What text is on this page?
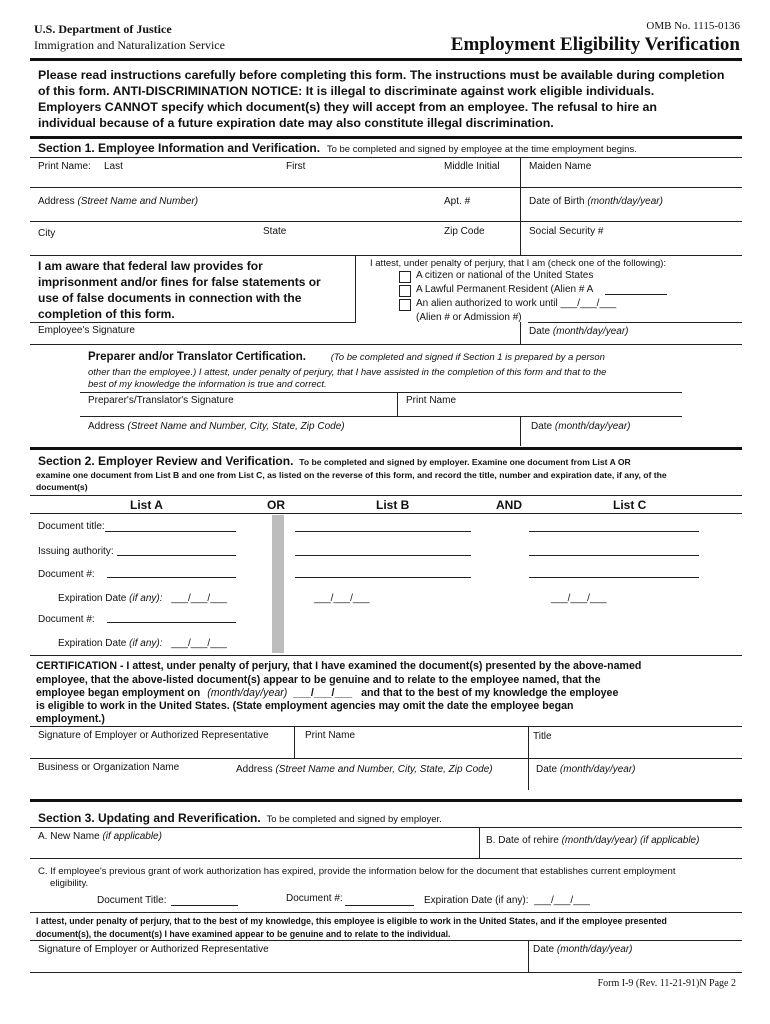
U.S. Department of Justice
Immigration and Naturalization Service
OMB No. 1115-0136
Employment Eligibility Verification
Please read instructions carefully before completing this form. The instructions must be available during completion
of this form. ANTI-DISCRIMINATION NOTICE: It is illegal to discriminate against work eligible individuals.
Employers CANNOT specify which document(s) they will accept from an employee. The refusal to hire an
individual because of a future expiration date may also constitute illegal discrimination.
Section 1. Employee Information and Verification. To be completed and signed by employee at the time employment begins.
Print Name: Last	First	Middle Initial	Maiden Name
Address (Street Name and Number)	Apt. #	Date of Birth (month/day/year)
City	State	Zip Code	Social Security #
I am aware that federal law provides for
imprisonment and/or fines for false statements or
use of false documents in connection with the
completion of this form.
I attest, under penalty of perjury, that I am (check one of the following):
A citizen or national of the United States
A Lawful Permanent Resident (Alien # A
An alien authorized to work until ___/___/___
(Alien # or Admission #)
Employee's Signature	Date (month/day/year)
Preparer and/or Translator Certification.	(To be completed and signed if Section 1 is prepared by a person
other than the employee.) I attest, under penalty of perjury, that I have assisted in the completion of this form and that to the
best of my knowledge the information is true and correct.
Preparer's/Translator's Signature	Print Name
Address (Street Name and Number, City, State, Zip Code)	Date (month/day/year)
Section 2. Employer Review and Verification. To be completed and signed by employer. Examine one document from List A OR
examine one document from List B and one from List C, as listed on the reverse of this form, and record the title, number and expiration date, if any, of the
document(s)
List A	OR	List B	AND	List C
Document title:
Issuing authority:
Document #:
Expiration Date (if any): ___/___/___	___/___/___	___/___/___
Document #:
Expiration Date (if any): ___/___/___
CERTIFICATION - I attest, under penalty of perjury, that I have examined the document(s) presented by the above-named
employee, that the above-listed document(s) appear to be genuine and to relate to the employee named, that the
employee began employment on (month/day/year) ___/___/___ and that to the best of my knowledge the employee
is eligible to work in the United States. (State employment agencies may omit the date the employee began
employment.)
Signature of Employer or Authorized Representative	Print Name	Title
Business or Organization Name	Address (Street Name and Number, City, State, Zip Code)	Date (month/day/year)
Section 3. Updating and Reverification. To be completed and signed by employer.
A. New Name (if applicable)	B. Date of rehire (month/day/year) (if applicable)
C. If employee's previous grant of work authorization has expired, provide the information below for the document that establishes current employment
eligibility.
Document Title:	Document #:	Expiration Date (if any): ___/___/___
I attest, under penalty of perjury, that to the best of my knowledge, this employee is eligible to work in the United States, and if the employee presented
document(s), the document(s) I have examined appear to be genuine and to relate to the individual.
Signature of Employer or Authorized Representative	Date (month/day/year)
Form I-9 (Rev. 11-21-91)N Page 2
